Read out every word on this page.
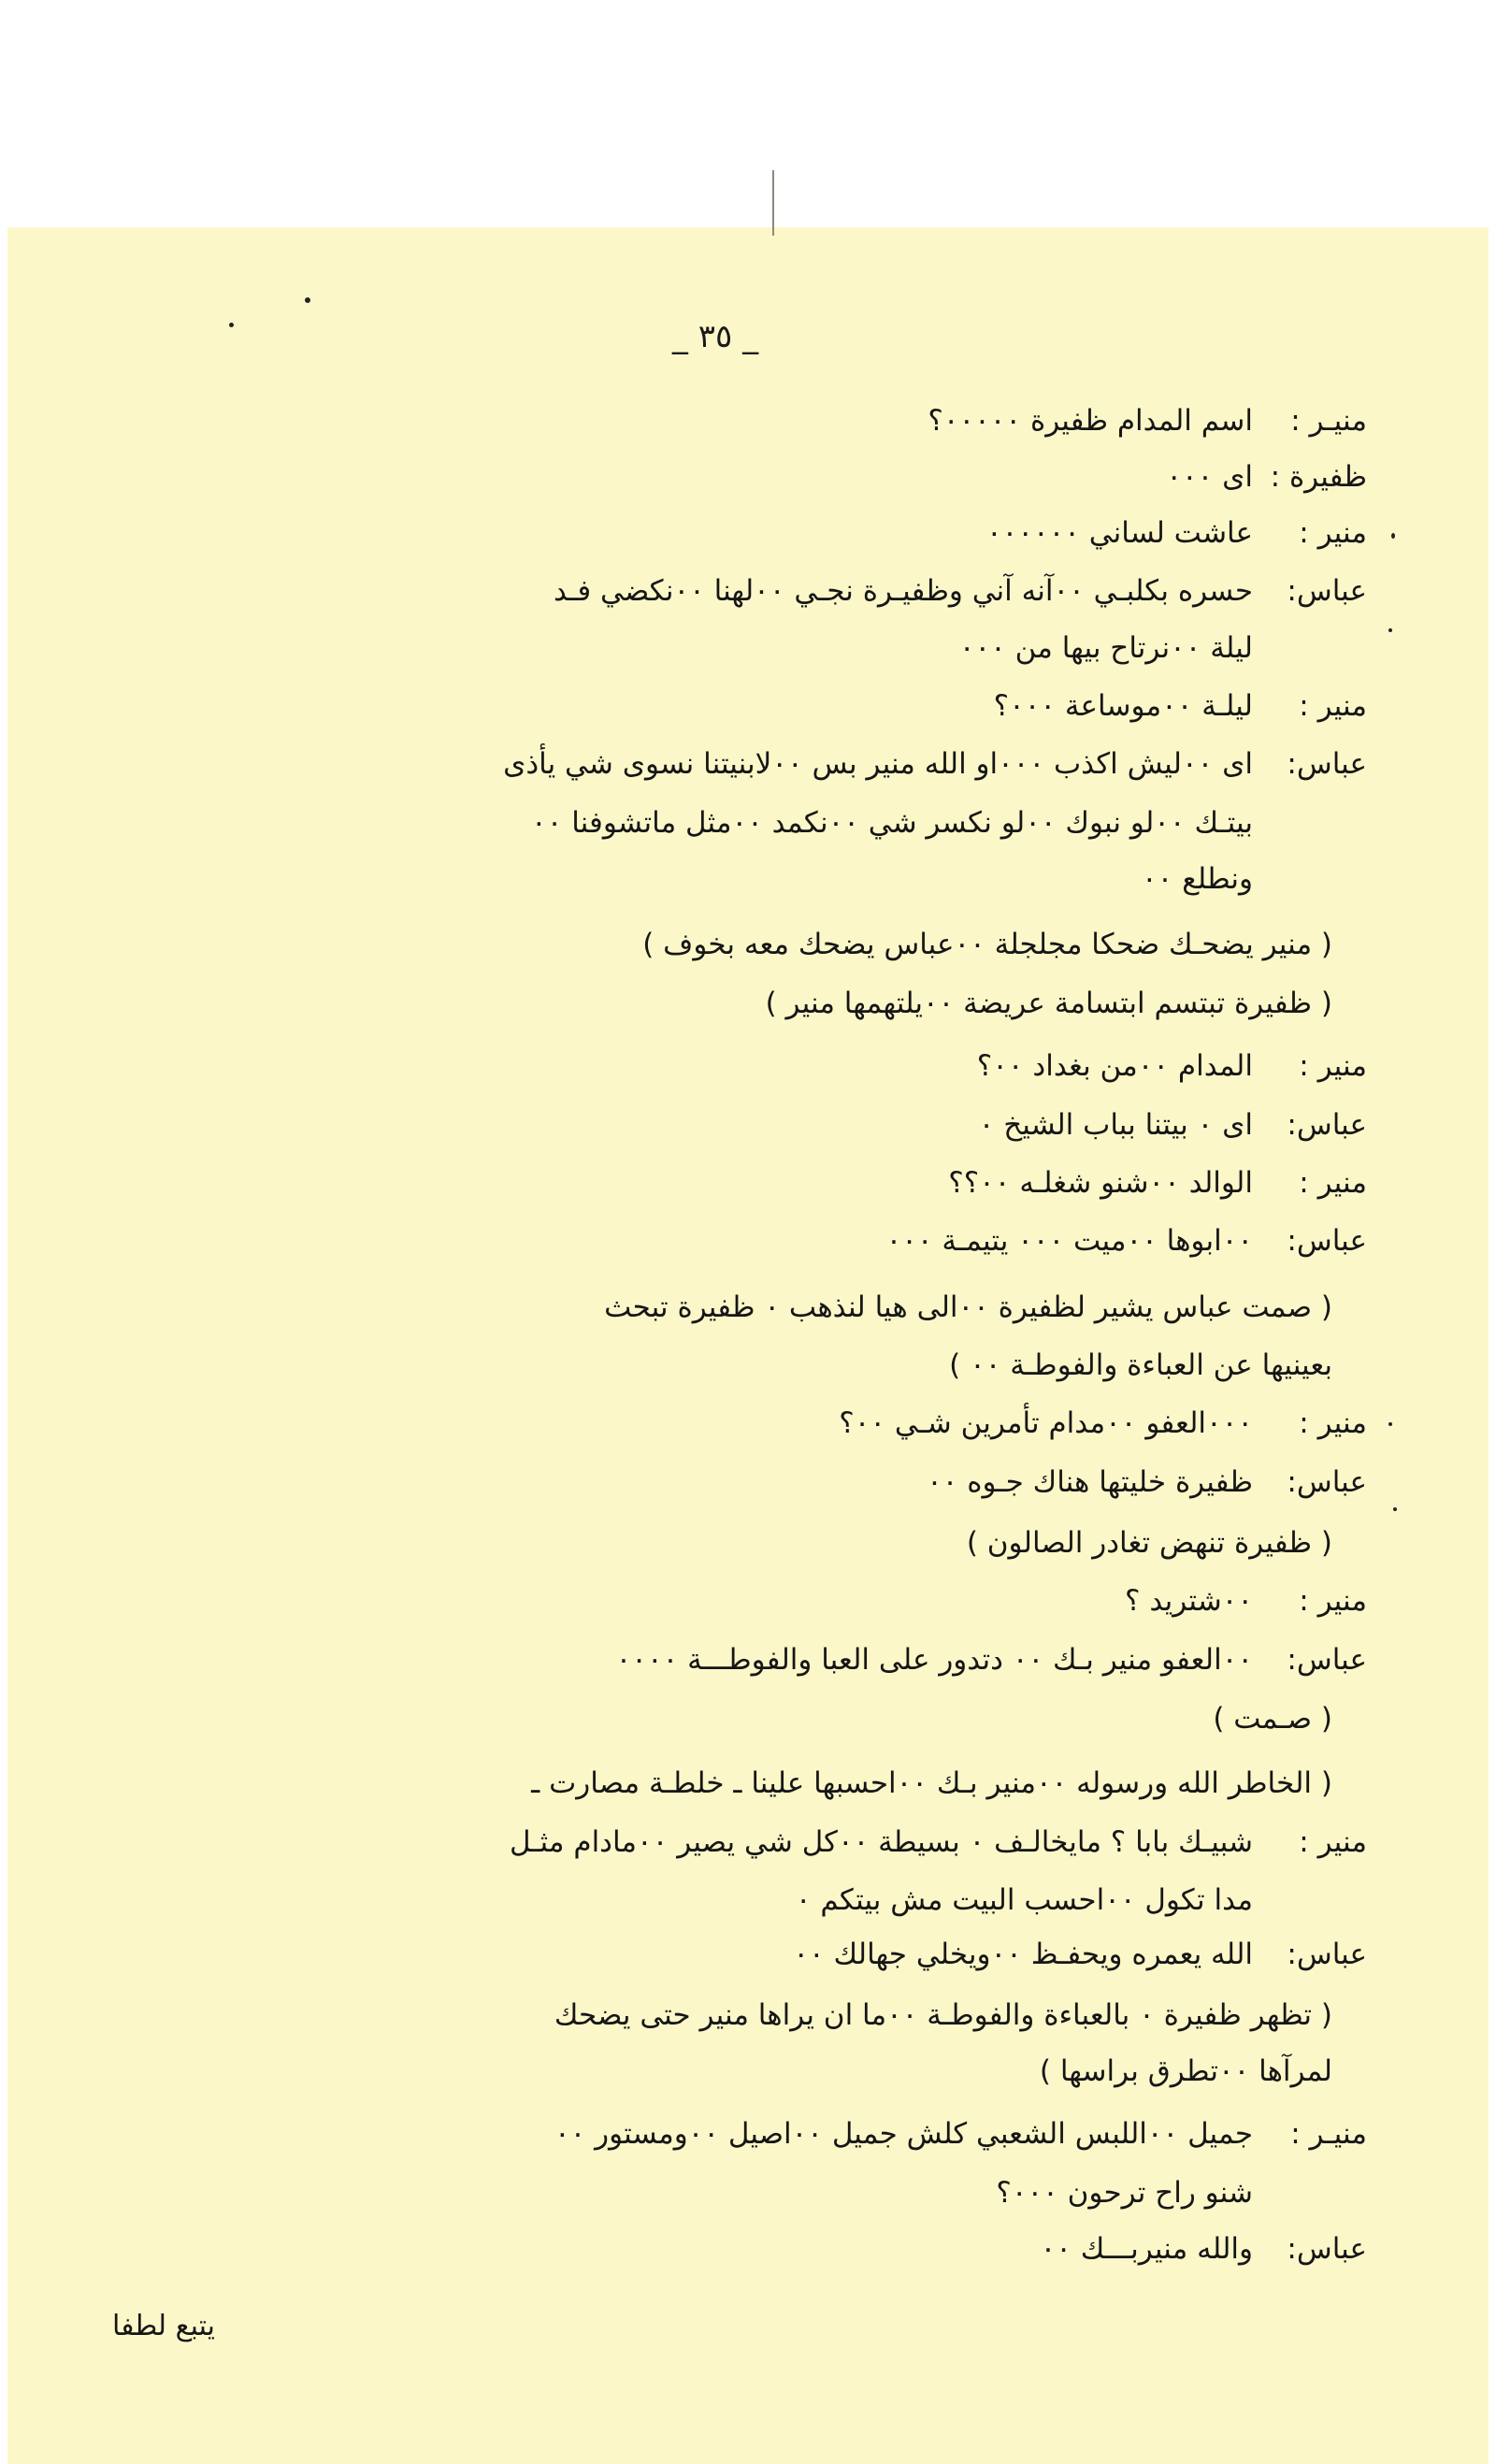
_ ٣٥ _
منيـر :
اسم المدام ظفيرة ٠٠٠٠٠؟
ظفيرة :
اى ٠٠٠
منير :
عاشت لساني ٠٠٠٠٠٠
عباس:
حسره بكلبـي ٠٠آنه آني وظفيـرة نجـي ٠٠لهنا ٠٠نكضي فـد
ليلة ٠٠نرتاح بيها من ٠٠٠
منير :
ليلـة ٠٠موساعة ٠٠٠؟
عباس:
اى ٠٠ليش اكذب ٠٠٠او الله منير بس ٠٠لابنيتنا نسوى شي يأذى
بيتـك ٠٠لو نبوك ٠٠لو نكسر شي ٠٠نكمد ٠٠مثل ماتشوفنا ٠٠
ونطلع ٠٠
( منير يضحـك ضحكا مجلجلة ٠٠عباس يضحك معه بخوف )
( ظفيرة تبتسم ابتسامة عريضة ٠٠يلتهمها منير )
منير :
المدام ٠٠من بغداد ٠٠؟
عباس:
اى ٠ بيتنا بباب الشيخ ٠
منير :
الوالد ٠٠شنو شغلـه ٠٠؟؟
عباس:
٠٠ابوها ٠٠ميت ٠٠٠ يتيمـة ٠٠٠
( صمت عباس يشير لظفيرة ٠٠الى هيا لنذهب ٠ ظفيرة تبحث
بعينيها عن العباءة والفوطـة ٠٠ )
منير :
٠٠٠العفو ٠٠مدام تأمرين شـي ٠٠؟
عباس:
ظفيرة خليتها هناك جـوه ٠٠
( ظفيرة تنهض تغادر الصالون )
منير :
٠٠شتريد ؟
عباس:
٠٠العفو منير بـك ٠٠ دتدور على العبا والفوطـــة ٠٠٠٠
( صـمت )
( الخاطر الله ورسوله ٠٠منير بـك ٠٠احسبها علينا ـ خلطـة مصارت ـ
منير :
شبيـك بابا ؟ مايخالـف ٠ بسيطة ٠٠كل شي يصير ٠٠مادام مثـل
مدا تكول ٠٠احسب البيت مش بيتكم ٠
عباس:
الله يعمره ويحفـظ ٠٠ويخلي جهالك ٠٠
( تظهر ظفيرة ٠ بالعباءة والفوطـة ٠٠ما ان يراها منير حتى يضحك
لمرآها ٠٠تطرق براسها )
منيـر :
جميل ٠٠اللبس الشعبي كلش جميل ٠٠اصيل ٠٠ومستور ٠٠
شنو راح ترحون ٠٠٠؟
عباس:
والله منيربـــك ٠٠
يتبع لطفا
